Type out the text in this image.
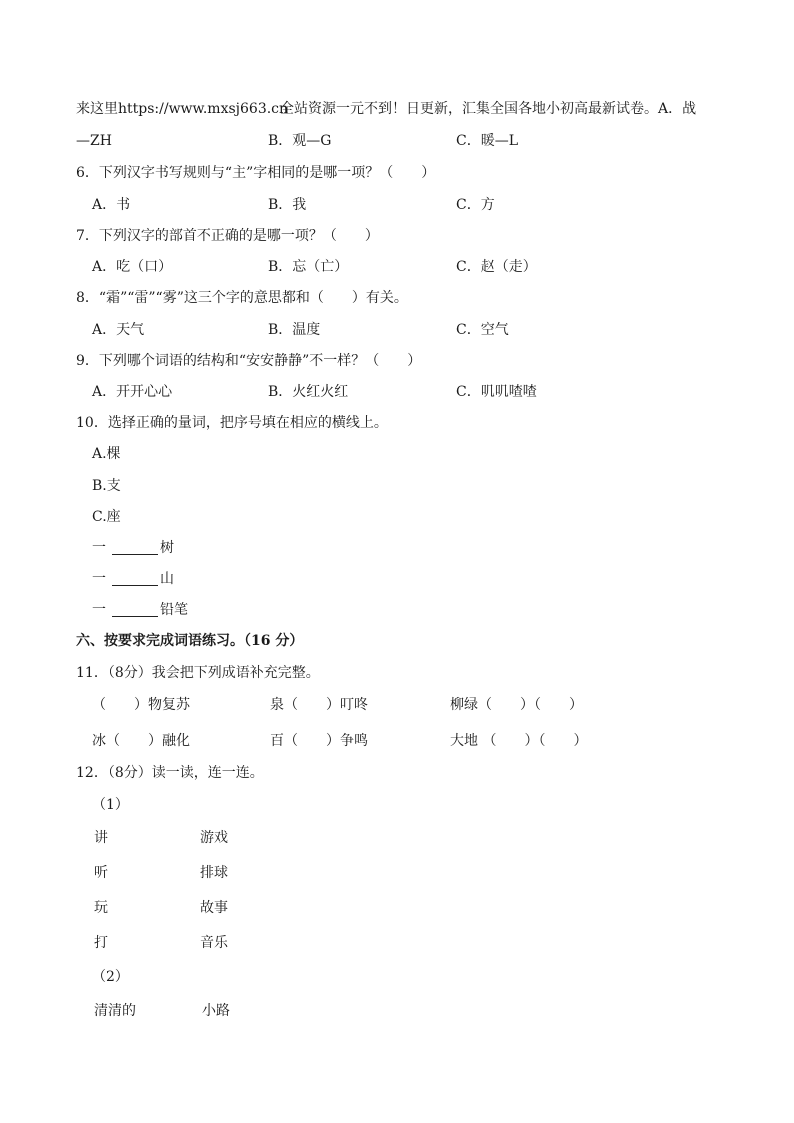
来这里https://www.mxsj663.cn
全站资源一元不到！日更新，汇集全国各地小初高最新试卷。A．战
—ZH	B．观—G	C．暖—L
6．下列汉字书写规则与“主”字相同的是哪一项？（　　）
A．书	B．我	C．方
7．下列汉字的部首不正确的是哪一项？（　　）
A．吃（口）	B．忘（亡）	C．赵（走）
8．“霜”“雷”“雾”这三个字的意思都和（　　）有关。
A．天气	B．温度	C．空气
9．下列哪个词语的结构和“安安静静”不一样？（　　）
A．开开心心	B．火红火红	C．叽叽喳喳
10．选择正确的量词，把序号填在相应的横线上。
A.棵
B.支
C.座
一	树
一	山
一	铅笔
六、按要求完成词语练习。（16 分）
11．（8分）我会把下列成语补充完整。
（　　）物复苏	泉（　　）叮咚	柳绿（　　）（　　）
冰（　　）融化	百（　　）争鸣	大地 （　　）（　　）
12．（8分）读一读，连一连。
（1）
讲	游戏
听	排球
玩	故事
打	音乐
（2）
清清的	小路
